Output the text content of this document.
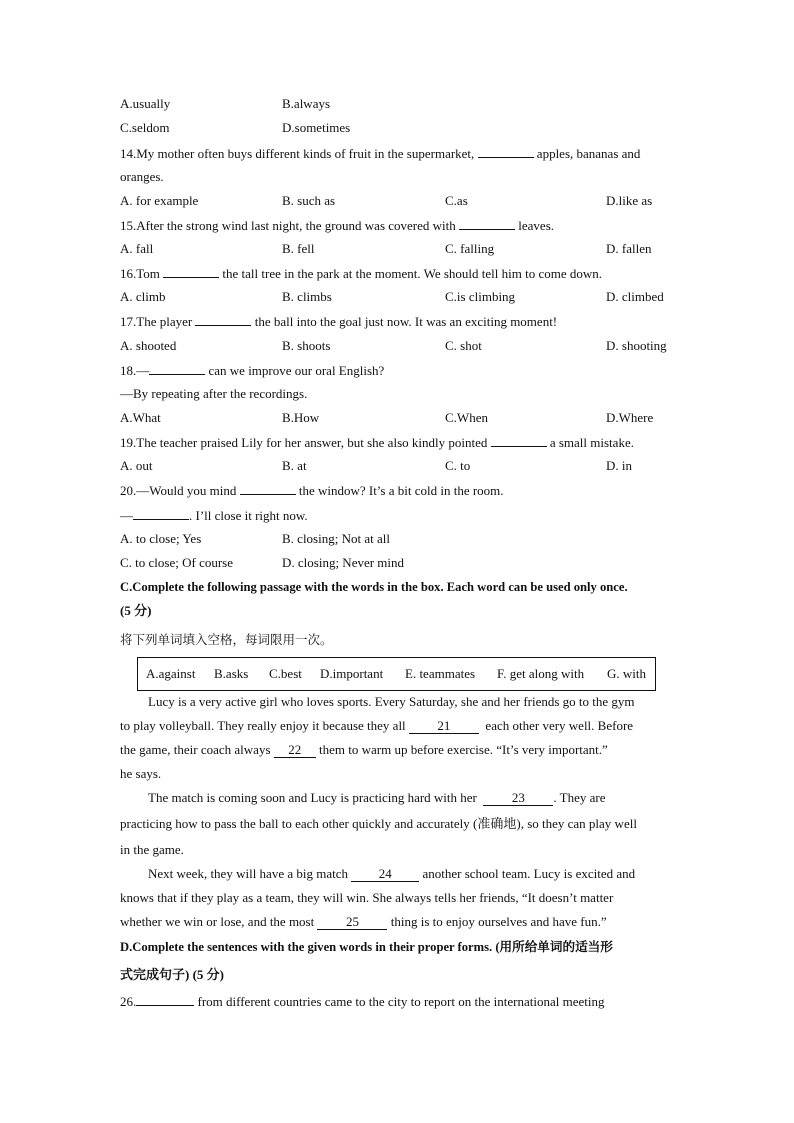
A.usually	B.always
C.seldom	D.sometimes
14.My mother often buys different kinds of fruit in the supermarket,	apples, bananas and
oranges.
A. for example	B. such as	C.as	D.like as
15.After the strong wind last night, the ground was covered with	leaves.
A. fall	B. fell	C. falling	D. fallen
16.Tom	the tall tree in the park at the moment. We should tell him to come down.
A. climb	B. climbs	C.is climbing	D. climbed
17.The player	the ball into the goal just now. It was an exciting moment!
A. shooted	B. shoots	C. shot	D. shooting
18.—	can we improve our oral English?
—By repeating after the recordings.
A.What	B.How	C.When	D.Where
19.The teacher praised Lily for her answer, but she also kindly pointed	a small mistake.
A. out	B. at	C. to	D. in
20.—Would you mind	the window? It’s a bit cold in the room.
—	. I’ll close it right now.
A. to close; Yes	B. closing; Not at all
C. to close; Of course	D. closing; Never mind
C.Complete the following passage with the words in the box. Each word can be used only once.
(5 分)
将下列单词填入空格，每词限用一次。
A.against B.asks C.best D.important E. teammates F. get along with G. with
Lucy is a very active girl who loves sports. Every Saturday, she and her friends go to the gym
to play volleyball. They really enjoy it because they all 21	each other very well. Before
the game, their coach always 22 them to warm up before exercise. “It’s very important.”
he says.
The match is coming soon and Lucy is practicing hard with her	23 . They are
practicing how to pass the ball to each other quickly and accurately (准确地), so they can play well
in the game.
Next week, they will have a big match 24 another school team. Lucy is excited and
knows that if they play as a team, they will win. She always tells her friends, “It doesn’t matter
whether we win or lose, and the most 25 thing is to enjoy ourselves and have fun.”
D.Complete the sentences with the given words in their proper forms. (用所给单词的适当形
式完成句子) (5 分)
26.	from different countries came to the city to report on the international meeting
